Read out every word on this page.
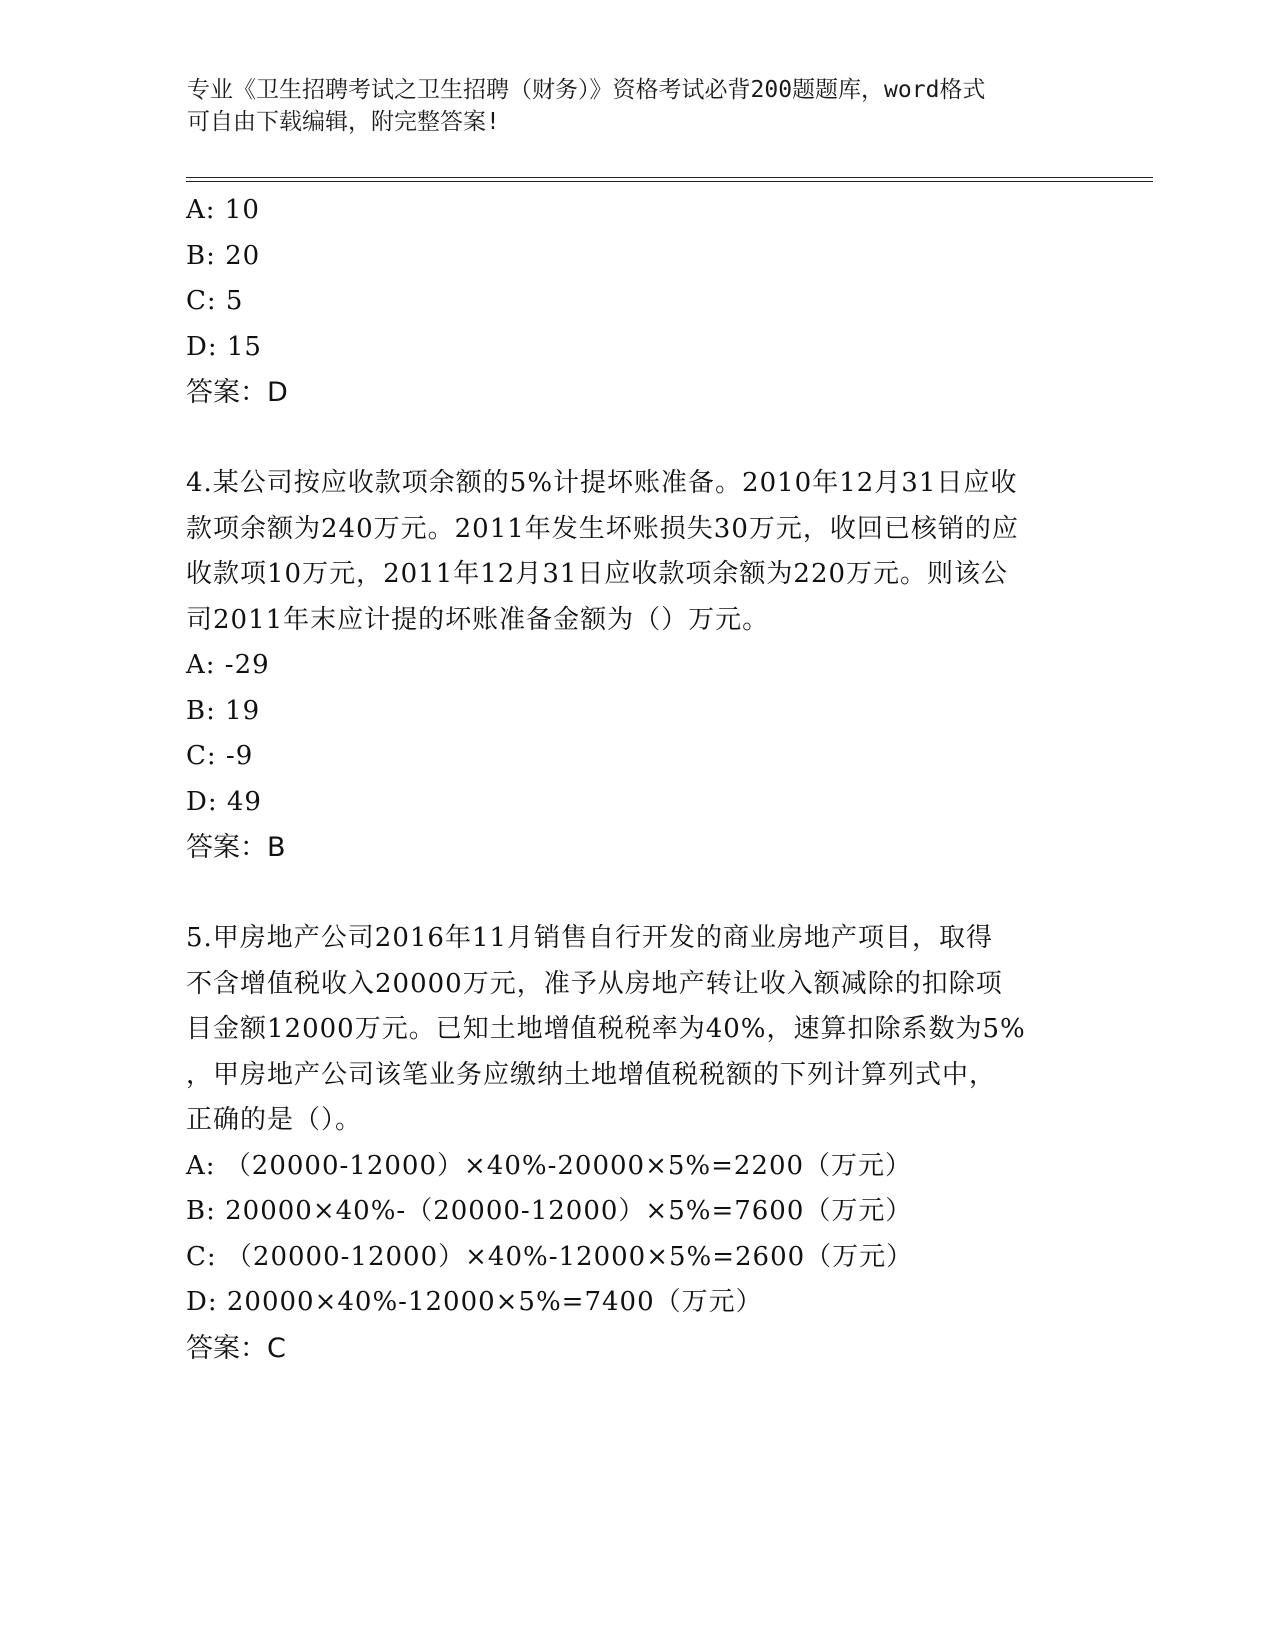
专业《卫生招聘考试之卫生招聘（财务）》资格考试必背200题题库，word格式
可自由下载编辑，附完整答案!
A: 10
B: 20
C: 5
D: 15
答案：D
4.某公司按应收款项余额的5%计提坏账准备。2010年12月31日应收
款项余额为240万元。2011年发生坏账损失30万元，收回已核销的应
收款项10万元，2011年12月31日应收款项余额为220万元。则该公
司2011年末应计提的坏账准备金额为（）万元。
A: -29
B: 19
C: -9
D: 49
答案：B
5.甲房地产公司2016年11月销售自行开发的商业房地产项目，取得
不含增值税收入20000万元，准予从房地产转让收入额减除的扣除项
目金额12000万元。已知土地增值税税率为40%，速算扣除系数为5%
，甲房地产公司该笔业务应缴纳土地增值税税额的下列计算列式中，
正确的是（）。
A: （20000-12000）×40%-20000×5%=2200（万元）
B: 20000×40%-（20000-12000）×5%=7600（万元）
C: （20000-12000）×40%-12000×5%=2600（万元）
D: 20000×40%-12000×5%=7400（万元）
答案：C
